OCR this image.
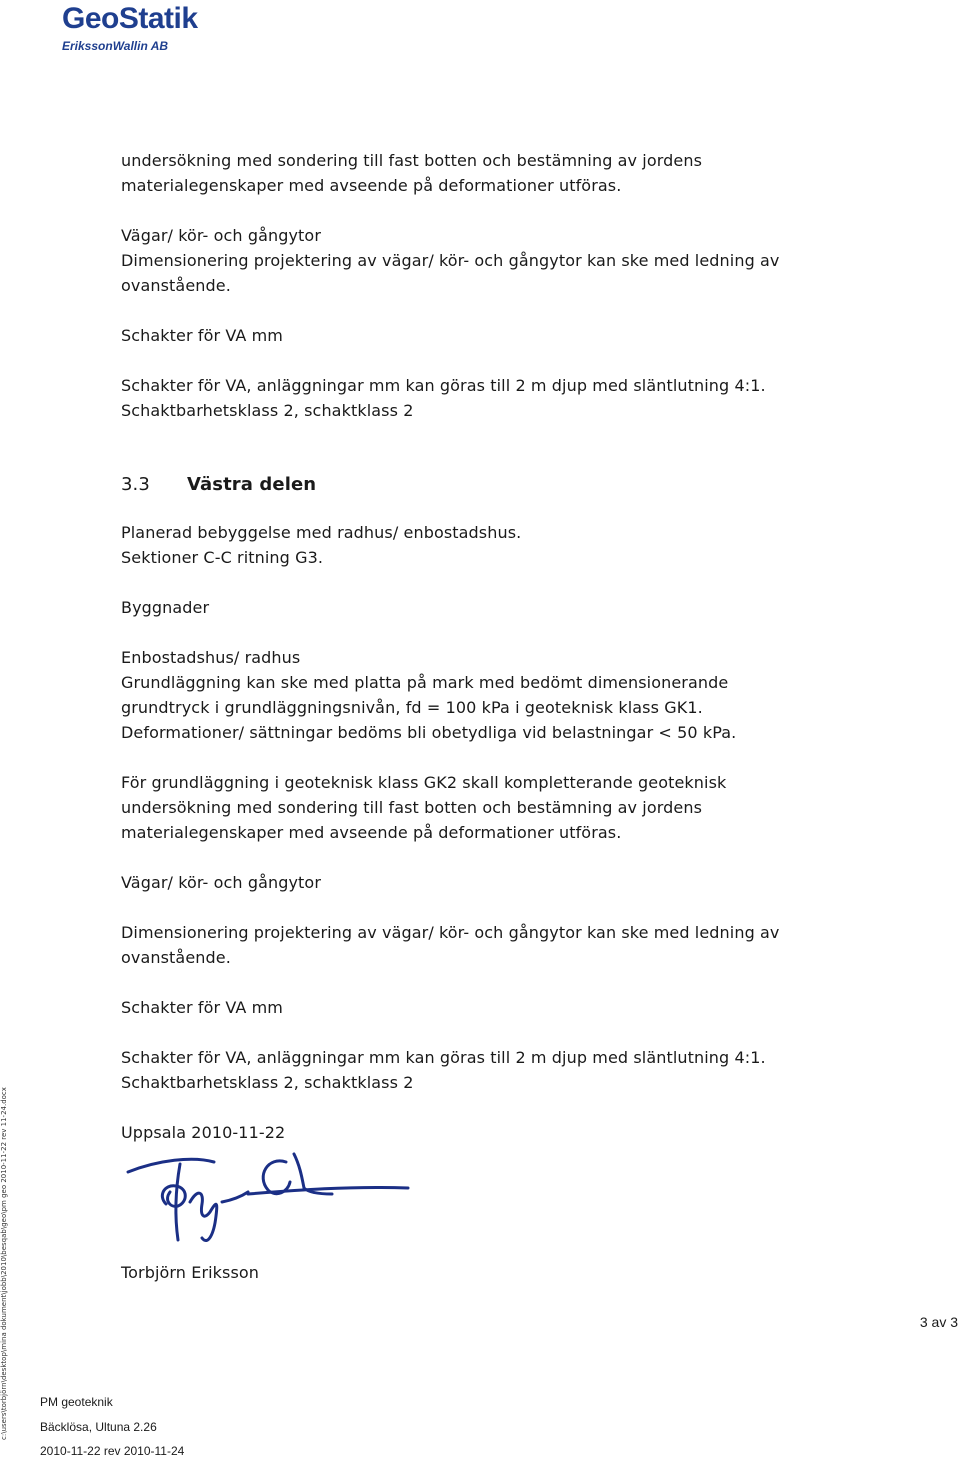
GeoStatik
ErikssonWallin AB
undersökning med sondering till fast botten och bestämning av jordens
materialegenskaper med avseende på deformationer utföras.
Vägar/ kör- och gångytor
Dimensionering projektering av vägar/ kör- och gångytor kan ske med ledning av
ovanstående.
Schakter för VA mm
Schakter för VA, anläggningar mm kan göras till 2 m djup med släntlutning 4:1.
Schaktbarhetsklass 2, schaktklass 2
3.3 Västra delen
Planerad bebyggelse med radhus/ enbostadshus.
Sektioner C-C ritning G3.
Byggnader
Enbostadshus/ radhus
Grundläggning kan ske med platta på mark med bedömt dimensionerande
grundtryck i grundläggningsnivån, fd = 100 kPa i geoteknisk klass GK1.
Deformationer/ sättningar bedöms bli obetydliga vid belastningar < 50 kPa.
För grundläggning i geoteknisk klass GK2 skall kompletterande geoteknisk
undersökning med sondering till fast botten och bestämning av jordens
materialegenskaper med avseende på deformationer utföras.
Vägar/ kör- och gångytor
Dimensionering projektering av vägar/ kör- och gångytor kan ske med ledning av
ovanstående.
Schakter för VA mm
Schakter för VA, anläggningar mm kan göras till 2 m djup med släntlutning 4:1.
Schaktbarhetsklass 2, schaktklass 2
Uppsala 2010-11-22
Torbjörn Eriksson
3 av 3
PM geoteknik
Bäcklösa, Ultuna 2.26
2010-11-22 rev 2010-11-24
c:\users\torbjörn\desktop\mina dokument\jobb\2010\besqab\geo\pm geo 2010-11-22 rev 11-24.docx
